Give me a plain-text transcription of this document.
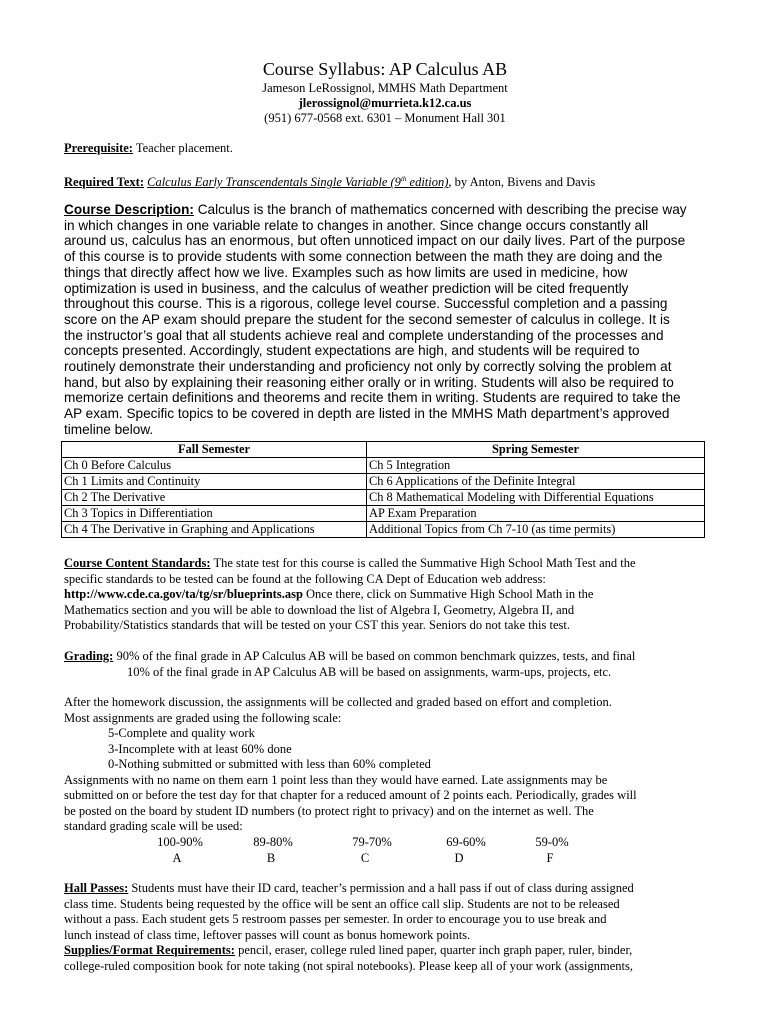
Course Syllabus: AP Calculus AB
Jameson LeRossignol, MMHS Math Department
jlerossignol@murrieta.k12.ca.us
(951) 677-0568 ext. 6301 – Monument Hall 301
Prerequisite: Teacher placement.
Required Text: Calculus Early Transcendentals Single Variable (9th edition), by Anton, Bivens and Davis
Course Description: Calculus is the branch of mathematics concerned with describing the precise way
in which changes in one variable relate to changes in another. Since change occurs constantly all
around us, calculus has an enormous, but often unnoticed impact on our daily lives. Part of the purpose
of this course is to provide students with some connection between the math they are doing and the
things that directly affect how we live. Examples such as how limits are used in medicine, how
optimization is used in business, and the calculus of weather prediction will be cited frequently
throughout this course. This is a rigorous, college level course. Successful completion and a passing
score on the AP exam should prepare the student for the second semester of calculus in college. It is
the instructor’s goal that all students achieve real and complete understanding of the processes and
concepts presented. Accordingly, student expectations are high, and students will be required to
routinely demonstrate their understanding and proficiency not only by correctly solving the problem at
hand, but also by explaining their reasoning either orally or in writing. Students will also be required to
memorize certain definitions and theorems and recite them in writing. Students are required to take the
AP exam. Specific topics to be covered in depth are listed in the MMHS Math department’s approved
timeline below.
Fall Semester	Spring Semester
Ch 0 Before Calculus	Ch 5 Integration
Ch 1 Limits and Continuity	Ch 6 Applications of the Definite Integral
Ch 2 The Derivative	Ch 8 Mathematical Modeling with Differential Equations
Ch 3 Topics in Differentiation	AP Exam Preparation
Ch 4 The Derivative in Graphing and Applications	Additional Topics from Ch 7-10 (as time permits)
Course Content Standards: The state test for this course is called the Summative High School Math Test and the
specific standards to be tested can be found at the following CA Dept of Education web address:
http://www.cde.ca.gov/ta/tg/sr/blueprints.asp Once there, click on Summative High School Math in the
Mathematics section and you will be able to download the list of Algebra I, Geometry, Algebra II, and
Probability/Statistics standards that will be tested on your CST this year. Seniors do not take this test.
Grading: 90% of the final grade in AP Calculus AB will be based on common benchmark quizzes, tests, and final
10% of the final grade in AP Calculus AB will be based on assignments, warm-ups, projects, etc.
After the homework discussion, the assignments will be collected and graded based on effort and completion.
Most assignments are graded using the following scale:
5-Complete and quality work
3-Incomplete with at least 60% done
0-Nothing submitted or submitted with less than 60% completed
Assignments with no name on them earn 1 point less than they would have earned. Late assignments may be
submitted on or before the test day for that chapter for a reduced amount of 2 points each. Periodically, grades will
be posted on the board by student ID numbers (to protect right to privacy) and on the internet as well. The
standard grading scale will be used:
100-90%	89-80%	79-70%	69-60%	59-0%
A	B	C	D	F
Hall Passes: Students must have their ID card, teacher’s permission and a hall pass if out of class during assigned
class time. Students being requested by the office will be sent an office call slip. Students are not to be released
without a pass. Each student gets 5 restroom passes per semester. In order to encourage you to use break and
lunch instead of class time, leftover passes will count as bonus homework points.
Supplies/Format Requirements: pencil, eraser, college ruled lined paper, quarter inch graph paper, ruler, binder,
college-ruled composition book for note taking (not spiral notebooks). Please keep all of your work (assignments,
